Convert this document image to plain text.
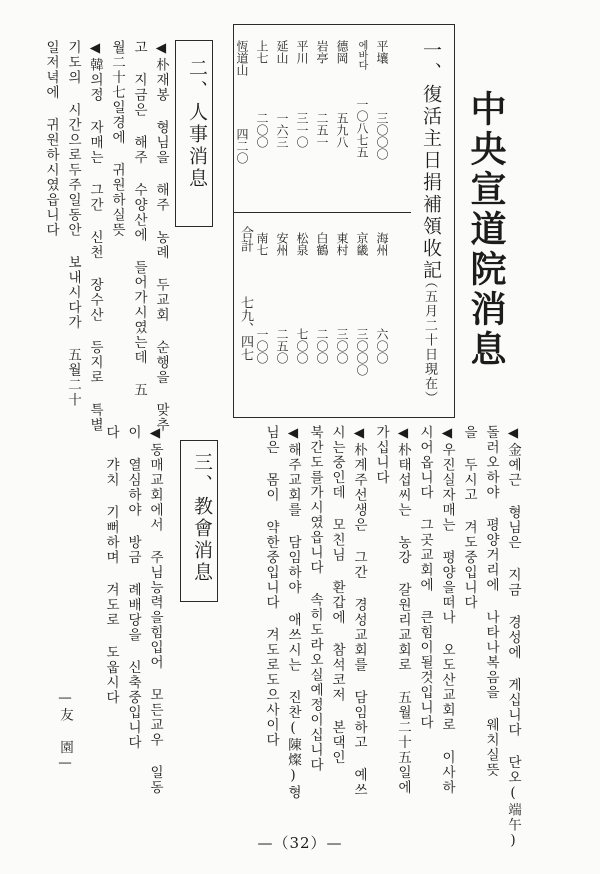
中央宣道院消息
一、復活主日捐補領收記
（五月二十日現在）
平壤
三〇〇〇
에바다
一〇八七五
德岡
五九八
岩亭
二五一
平川
三一〇
延山
一六三
上七
二〇〇
恆道山
四二〇
海州
六〇〇
京畿
三〇〇〇
東村
三〇〇
白鶴
二〇〇
松泉
七〇〇
安州
二五〇
南七
一〇〇
合計
七九、四七
二、人事消息
◀朴재봉 형님을 해주 농례 두교회 순행을 맞추
고 지금은 해주 수양산에 들어가시였는데 五
월二十七일경에 귀원하실뜻
◀韓의정 자매는 그간 신천 장수산 등지로 특별
기도의 시간으로두주일동안 보내시다가 五월二十
일저녁에 귀원하시였읍니다
三、教會消息
◀동매교회에서 주님능력을힘입어 모든교우 일동
이 열심하야 방금 례배당을 신축중입니다
다 갸치 기뻐하며 겨도로 도웁시다
—友 園—	◀金예근 형님은 지금 경성에 게십니다 단오(端午)
돌러오하야 평양거리에 나타나복음을 웨치실뜻
을 두시고 겨도중입니다
◀우진실자매는 평양을떠나 오도산교회로 이사하
시어옵니다 그곳교회에 큰힘이될것입니다
◀朴태섭씨는 농강 갈원리교회로 五월二十五일에
가십니다
◀朴계주선생은 그간 경성교회를 담임하고 예쓰
시는중인데 모친님 환갑에 참석코저 본댁인
북간도를가시였읍니다 속히도라오실예정이십니다
◀해주교회를 담임하야 애쓰시는 진찬(陳燦)형
님은 몸이 약한중입니다 겨도로도으사이다
—（32）—
